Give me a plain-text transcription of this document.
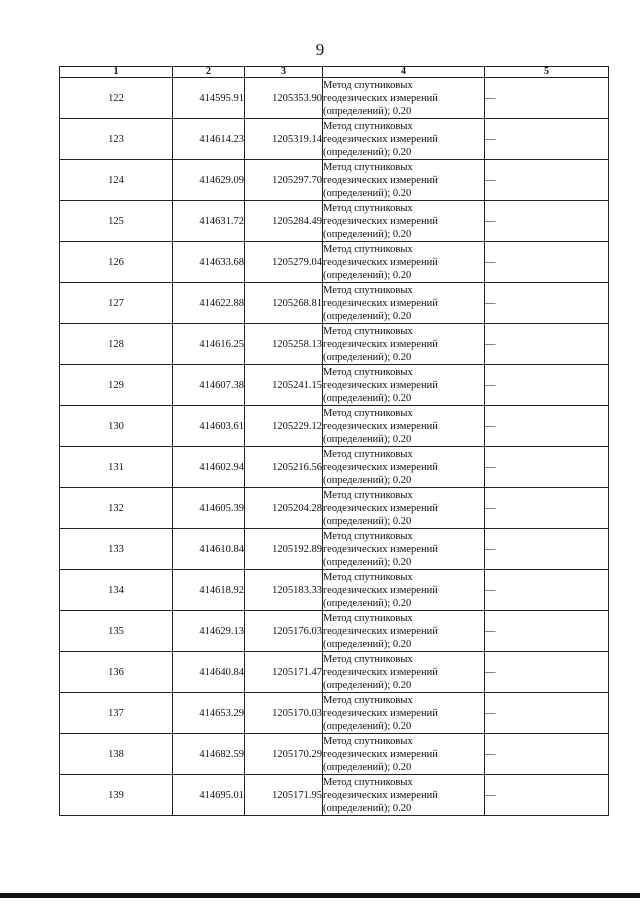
9
1	2	3	4	5
122	414595.91	1205353.90	Метод спутниковых
геодезических измерений
(определений); 0.20	—
123	414614.23	1205319.14	Метод спутниковых
геодезических измерений
(определений); 0.20	—
124	414629.09	1205297.70	Метод спутниковых
геодезических измерений
(определений); 0.20	—
125	414631.72	1205284.49	Метод спутниковых
геодезических измерений
(определений); 0.20	—
126	414633.68	1205279.04	Метод спутниковых
геодезических измерений
(определений); 0.20	—
127	414622.88	1205268.81	Метод спутниковых
геодезических измерений
(определений); 0.20	—
128	414616.25	1205258.13	Метод спутниковых
геодезических измерений
(определений); 0.20	—
129	414607.38	1205241.15	Метод спутниковых
геодезических измерений
(определений); 0.20	—
130	414603.61	1205229.12	Метод спутниковых
геодезических измерений
(определений); 0.20	—
131	414602.94	1205216.56	Метод спутниковых
геодезических измерений
(определений); 0.20	—
132	414605.39	1205204.28	Метод спутниковых
геодезических измерений
(определений); 0.20	—
133	414610.84	1205192.89	Метод спутниковых
геодезических измерений
(определений); 0.20	—
134	414618.92	1205183.33	Метод спутниковых
геодезических измерений
(определений); 0.20	—
135	414629.13	1205176.03	Метод спутниковых
геодезических измерений
(определений); 0.20	—
136	414640.84	1205171.47	Метод спутниковых
геодезических измерений
(определений); 0.20	—
137	414653.29	1205170.03	Метод спутниковых
геодезических измерений
(определений); 0.20	—
138	414682.59	1205170.29	Метод спутниковых
геодезических измерений
(определений); 0.20	—
139	414695.01	1205171.95	Метод спутниковых
геодезических измерений
(определений); 0.20	—
